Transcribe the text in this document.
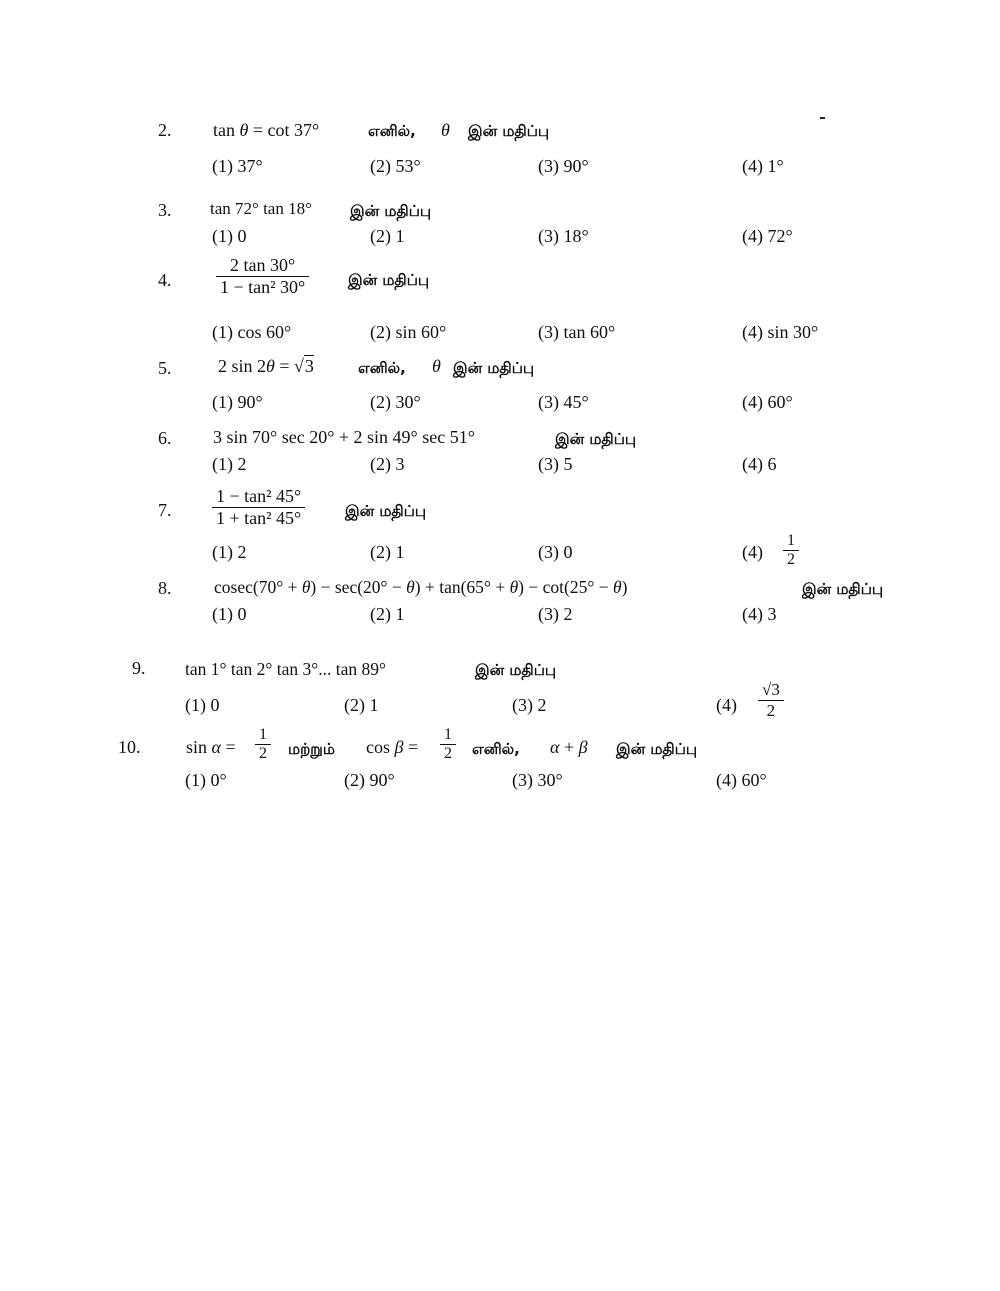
2. tan θ = cot 37°	எனில், θ இன் மதிப்பு
(1) 37°	(2) 53°	(3) 90°	(4) 1°
3. tan 72° tan 18°	இன் மதிப்பு
(1) 0	(2) 1	(3) 18°	(4) 72°
4. $\frac{2 \tan 30^\circ}{\text{1 − tan² 30°}}$	இன் மதிப்பு
(1) cos 60°	(2) sin 60°	(3) tan 60°	(4) sin 30°
5.	2 sin 2θ = √3	எனில், θ இன் மதிப்பு
(1) 90°	(2) 30°	(3) 45°	(4) 60°
6. 3 sin 70° sec 20° + 2 sin 49° sec 51°	இன் மதிப்பு
(1) 2	(2) 3	(3) 5	(4) 6
7. $\frac{\text{1 − tan² 45°}}{\text{1 + tan² 45°}}$	இன் மதிப்பு
(1) 2	(2) 1	(3) 0	$(4) \frac{1}{2}$
8. cosec(70° + θ) − sec(20° − θ) + tan(65° + θ) − cot(25° − θ)	இன் மதிப்பு
(1) 0	(2) 1	(3) 2	(4) 3
9. tan 1° tan 2° tan 3°... tan 89°	இன் மதிப்பு
(1) 0	(2) 1	(3) 2	$(4) \frac{√3}{2}$
10.	$\sin \alpha = \frac{1}{2}$ மற்றும் $\cos \beta = \frac{1}{2}$ எனில், α + β இன் மதிப்பு
(1) 0°	(2) 90°	(3) 30°	(4) 60°
